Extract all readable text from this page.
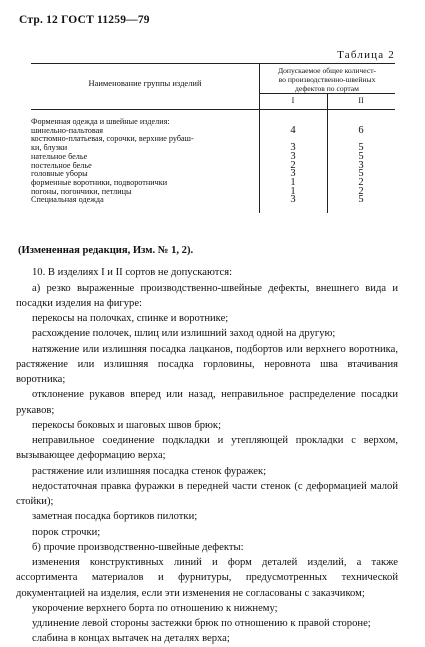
Стр. 12 ГОСТ 11259—79
Таблица 2
Наименование группы изделий
Допускаемое общее количест-
во производственно-швейных
дефектов по сортам
I	II
Форменная одежда и швейные изделия:
шинельно-пальтовая	4	6
костюмно-платьевая, сорочки, верхние рубаш-
ки, блузки	3	5
нательное белье	3	5
постельное белье	2	3
головные уборы	3	5
форменные воротники, подворотнички	1	2
погоны, погончики, петлицы	1	2
Специальная одежда	3	5

(Измененная редакция, Изм. № 1, 2).

10. В изделиях I и II сортов не допускаются:

а) резко выраженные производственно-швейные дефекты, внешнего вида и посадки изделия на фигуре:

перекосы на полочках, спинке и воротнике;

расхождение полочек, шлиц или излишний заход одной на другую;

натяжение или излишняя посадка лацканов, подбортов или верхнего воротника, растяжение или излишняя посадка горловины, неровнота шва втачивания воротника;

отклонение рукавов вперед или назад, неправильное распределение посадки рукавов;

перекосы боковых и шаговых швов брюк;

неправильное соединение подкладки и утепляющей прокладки с верхом, вызывающее деформацию верха;

растяжение или излишняя посадка стенок фуражек;

недостаточная правка фуражки в передней части стенок (с деформацией малой стойки);

заметная посадка бортиков пилотки;

порок строчки;

б) прочие производственно-швейные дефекты:

изменения конструктивных линий и форм деталей изделий, а также ассортимента материалов и фурнитуры, предусмотренных технической документацией на изделия, если эти изменения не согласованы с заказчиком;

укорочение верхнего борта по отношению к нижнему;

удлинение левой стороны застежки брюк по отношению к правой стороне;

слабина в концах вытачек на деталях верха;
